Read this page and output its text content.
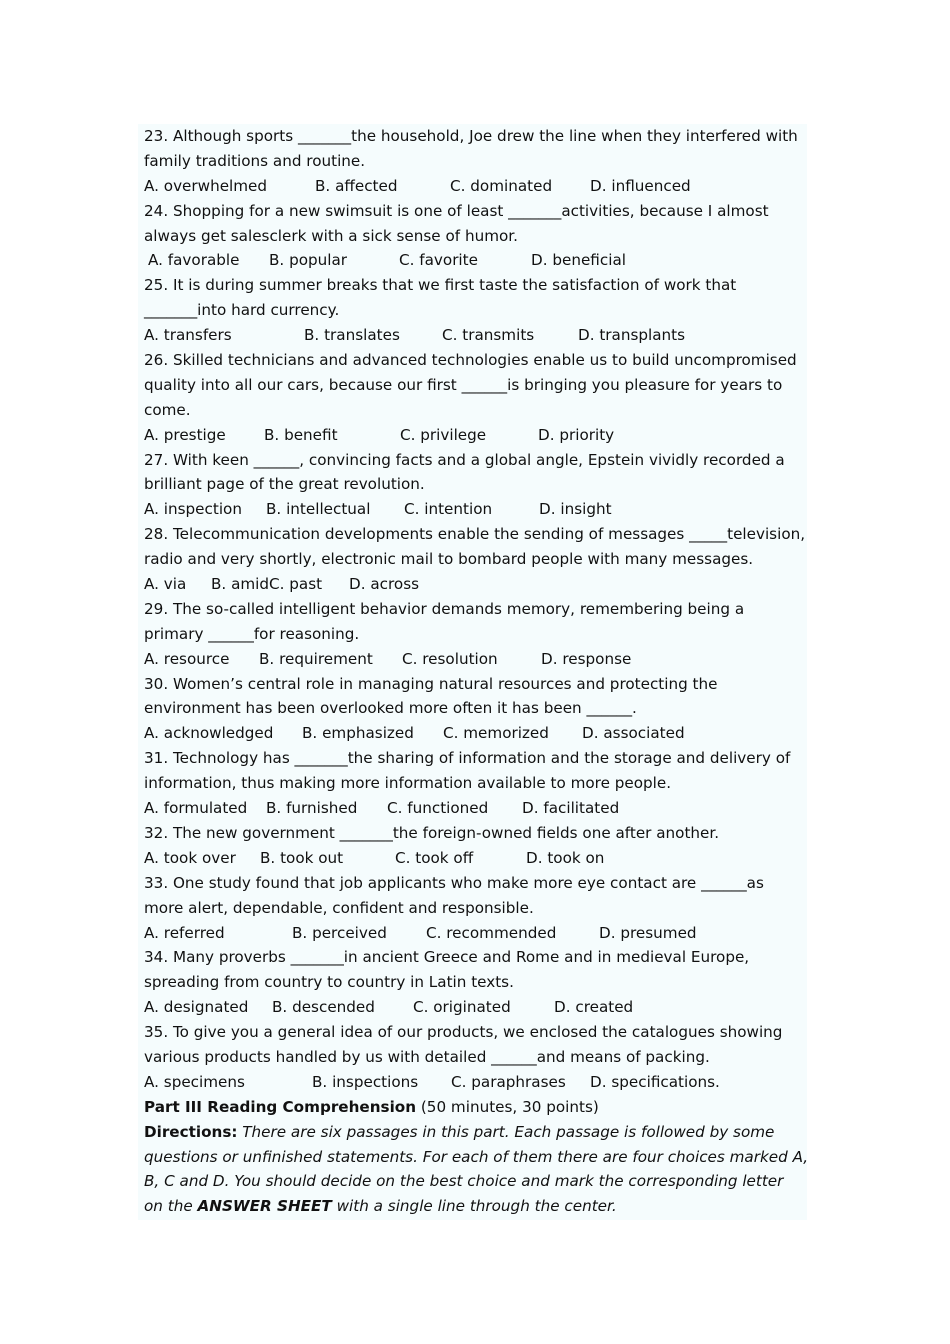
23. Although sports _______the household, Joe drew the line when they interfered with
family traditions and routine.
A. overwhelmed	B. affected	C. dominated D. influenced
24. Shopping for a new swimsuit is one of least _______activities, because I almost
always get salesclerk with a sick sense of humor.
A. favorable B. popular	C. favorite	D. beneficial
25. It is during summer breaks that we first taste the satisfaction of work that
_______into hard currency.
A. transfers	B. translates	C. transmits	D. transplants
26. Skilled technicians and advanced technologies enable us to build uncompromised
quality into all our cars, because our first ______is bringing you pleasure for years to
come.
A. prestige	B. benefit	C. privilege	D. priority
27. With keen ______, convincing facts and a global angle, Epstein vividly recorded a
brilliant page of the great revolution.
A. inspection B. intellectual C. intention	D. insight
28. Telecommunication developments enable the sending of messages _____television,
radio and very shortly, electronic mail to bombard people with many messages.
A. via B. amid C. past D. across
29. The so-called intelligent behavior demands memory, remembering being a
primary ______for reasoning.
A. resource B. requirement C. resolution	D. response
30. Women’s central role in managing natural resources and protecting the
environment has been overlooked more often it has been ______.
A. acknowledged B. emphasized C. memorized D. associated
31. Technology has _______the sharing of information and the storage and delivery of
information, thus making more information available to more people.
A. formulated B. furnished C. functioned D. facilitated
32. The new government _______the foreign-owned fields one after another.
A. took over B. took out	C. took off	D. took on
33. One study found that job applicants who make more eye contact are ______as
more alert, dependable, confident and responsible.
A. referred	B. perceived	C. recommended	D. presumed
34. Many proverbs _______in ancient Greece and Rome and in medieval Europe,
spreading from country to country in Latin texts.
A. designated B. descended	C. originated	D. created
35. To give you a general idea of our products, we enclosed the catalogues showing
various products handled by us with detailed ______and means of packing.
A. specimens	B. inspections C. paraphrases D. specifications.
Part III Reading Comprehension (50 minutes, 30 points)
Directions: There are six passages in this part. Each passage is followed by some
questions or unfinished statements. For each of them there are four choices marked A,
B, C and D. You should decide on the best choice and mark the corresponding letter
on the ANSWER SHEET with a single line through the center.
